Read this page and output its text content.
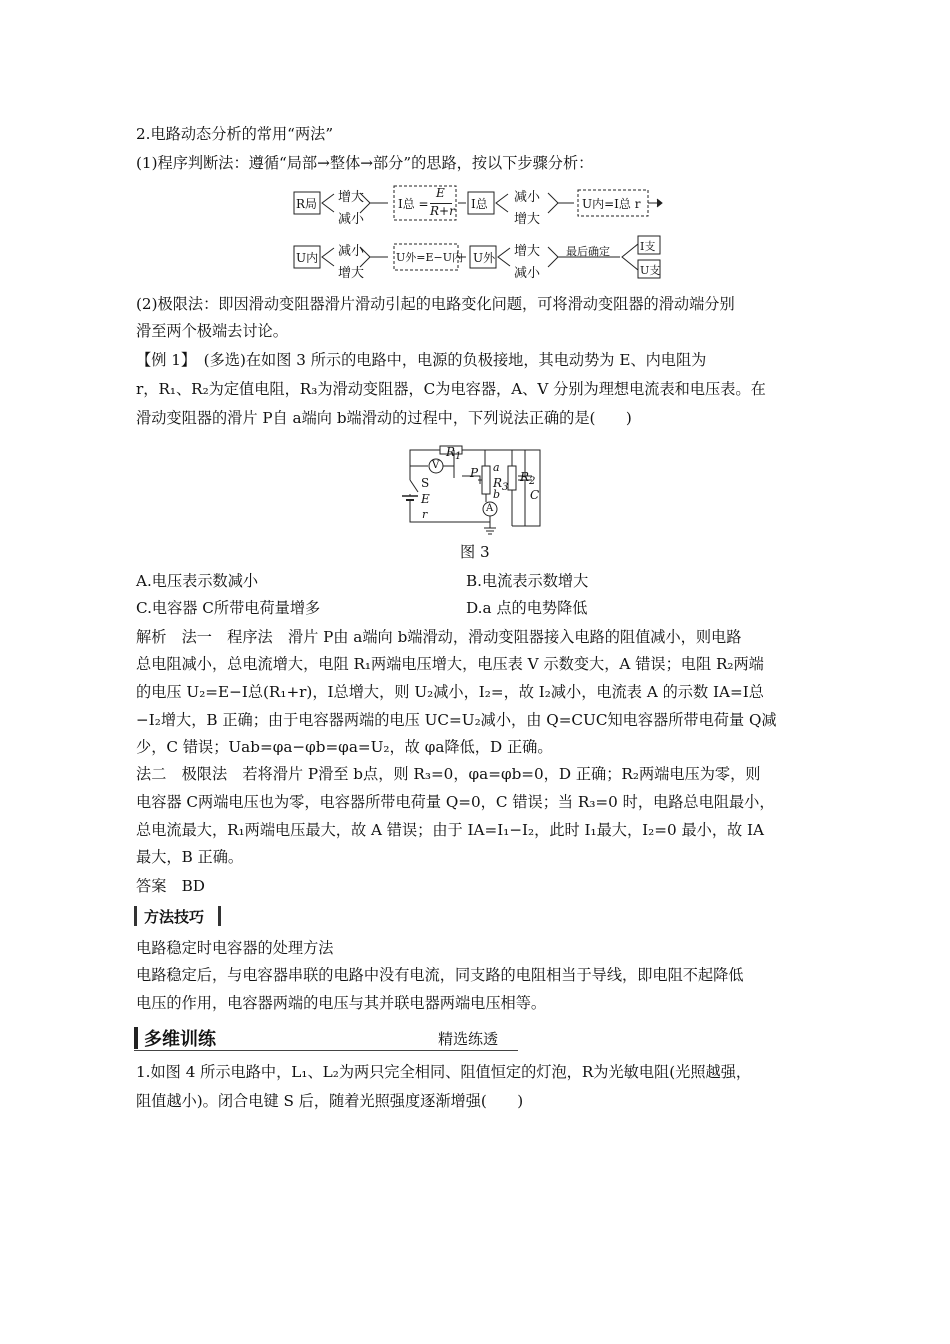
2.电路动态分析的常用“两法”
(1)程序判断法：遵循“局部→整体→部分”的思路，按以下步骤分析：
R局 增大
减小
I总 =
E
R+r I总 减小
增大
U内=I总 r
U内 减小
增大
U外=E−U内 U外 增大
减小
最后确定	I支
U支
(2)极限法：即因滑动变阻器滑片滑动引起的电路变化问题，可将滑动变阻器的滑动端分别
滑至两个极端去讨论。
【例 1】　(多选)在如图 3 所示的电路中，电源的负极接地，其电动势为 E、内电阻为
r，R₁、R₂为定值电阻，R₃为滑动变阻器，C为电容器，A、V 分别为理想电流表和电压表。在
滑动变阻器的滑片 P自 a端向 b端滑动的过程中，下列说法正确的是(　　)
$R_1$
V
P a
$R_3$
b
$R_2$
C
S
E
r	A
图 3
A.电压表示数减小	B.电流表示数增大
C.电容器 C所带电荷量增多	D.a 点的电势降低
解析　法一　程序法　滑片 P由 a端向 b端滑动，滑动变阻器接入电路的阻值减小，则电路
总电阻减小，总电流增大，电阻 R₁两端电压增大，电压表 V 示数变大，A 错误；电阻 R₂两端
的电压 U₂=E−I总(R₁+r)，I总增大，则 U₂减小，I₂=，故 I₂减小，电流表 A 的示数 IA=I总
−I₂增大，B 正确；由于电容器两端的电压 UC=U₂减小，由 Q=CUC知电容器所带电荷量 Q减
少，C 错误；Uab=φa−φb=φa=U₂，故 φa降低，D 正确。
法二　极限法　若将滑片 P滑至 b点，则 R₃=0，φa=φb=0，D 正确；R₂两端电压为零，则
电容器 C两端电压也为零，电容器所带电荷量 Q=0，C 错误；当 R₃=0 时，电路总电阻最小，
总电流最大，R₁两端电压最大，故 A 错误；由于 IA=I₁−I₂，此时 I₁最大，I₂=0 最小，故 IA
最大，B 正确。
答案　BD
方法技巧
电路稳定时电容器的处理方法
电路稳定后，与电容器串联的电路中没有电流，同支路的电阻相当于导线，即电阻不起降低
电压的作用，电容器两端的电压与其并联电器两端电压相等。
多维训练	精选练透
1.如图 4 所示电路中，L₁、L₂为两只完全相同、阻值恒定的灯泡，R为光敏电阻(光照越强，
阻值越小)。闭合电键 S 后，随着光照强度逐渐增强(　　)
